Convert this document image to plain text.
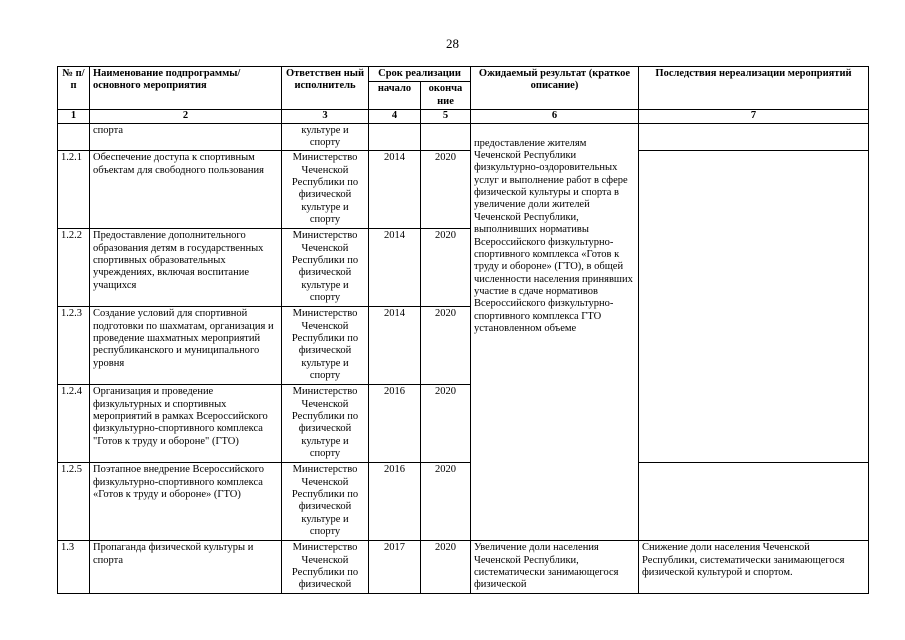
28
№ п/п	Наименование подпрограммы/ основного мероприятия	Ответствен ный исполнитель	Срок реализации		Ожидаемый результат (краткое описание)	Последствия нереализации мероприятий
			начало	оконча ние		
1	2	3	4	5	6	7
	спорта	культуре и спорту			предоставление жителям Чеченской Республики физкультурно-оздоровительных услуг и выполнение работ в сфере физической культуры и спорта в увеличение доли жителей Чеченской Республики, выполнивших нормативы Всероссийского физкультурно-спортивного комплекса «Готов к труду и обороне» (ГТО), в общей численности населения принявших участие в сдаче нормативов Всероссийского физкультурно-спортивного комплекса ГТО установленном объеме	
1.2.1	Обеспечение доступа к спортивным объектам для свободного пользования	Министерство Чеченской Республики по физической культуре и спорту	2014	2020		
1.2.2	Предоставление дополнительного образования детям в государственных спортивных образовательных учреждениях, включая воспитание учащихся	Министерство Чеченской Республики по физической культуре и спорту	2014	2020		
1.2.3	Создание условий для спортивной подготовки по шахматам, организация и проведение шахматных мероприятий республиканского и муниципального уровня	Министерство Чеченской Республики по физической культуре и спорту	2014	2020		
1.2.4	Организация и проведение физкультурных и спортивных мероприятий в рамках Всероссийского физкультурно-спортивного комплекса "Готов к труду и обороне" (ГТО)	Министерство Чеченской Республики по физической культуре и спорту	2016	2020		
1.2.5	Поэтапное внедрение Всероссийского физкультурно-спортивного комплекса «Готов к труду и обороне» (ГТО)	Министерство Чеченской Республики по физической культуре и спорту	2016	2020		
1.3	Пропаганда физической культуры и спорта	Министерство Чеченской Республики по физической	2017	2020	Увеличение доли населения Чеченской Республики, систематически занимающегося физической	Снижение доли населения Чеченской Республики, систематически занимающегося физической культурой и спортом.
